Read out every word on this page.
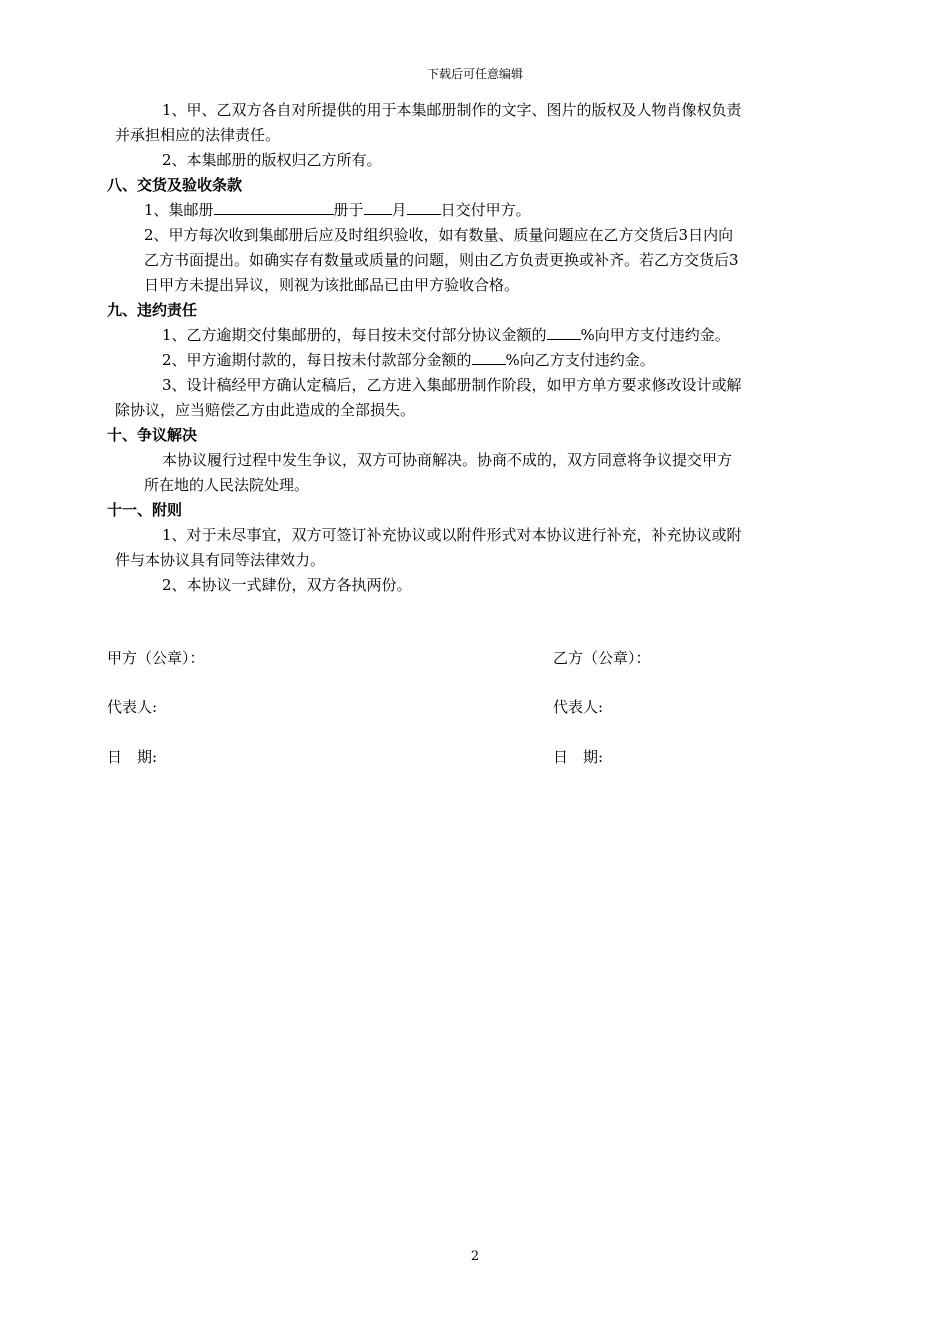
下载后可任意编辑

1、甲、乙双方各自对所提供的用于本集邮册制作的文字、图片的版权及人物肖像权负责

并承担相应的法律责任。

2、本集邮册的版权归乙方所有。

八、交货及验收条款

1、集邮册	册于 月 日交付甲方。

2、甲方每次收到集邮册后应及时组织验收，如有数量、质量问题应在乙方交货后3日内向

乙方书面提出。如确实存有数量或质量的问题，则由乙方负责更换或补齐。若乙方交货后3

日甲方未提出异议，则视为该批邮品已由甲方验收合格。

九、违约责任

1、乙方逾期交付集邮册的，每日按未交付部分协议金额的 %向甲方支付违约金。

2、甲方逾期付款的，每日按未付款部分金额的 %向乙方支付违约金。

3、设计稿经甲方确认定稿后，乙方进入集邮册制作阶段，如甲方单方要求修改设计或解

除协议，应当赔偿乙方由此造成的全部损失。

十、争议解决

本协议履行过程中发生争议，双方可协商解决。协商不成的，双方同意将争议提交甲方

所在地的人民法院处理。

十一、附则

1、对于未尽事宜，双方可签订补充协议或以附件形式对本协议进行补充，补充协议或附

件与本协议具有同等法律效力。

2、本协议一式肆份，双方各执两份。

甲方（公章）：	乙方（公章）：
代表人:	代表人:
日　期:	日　期:
2
